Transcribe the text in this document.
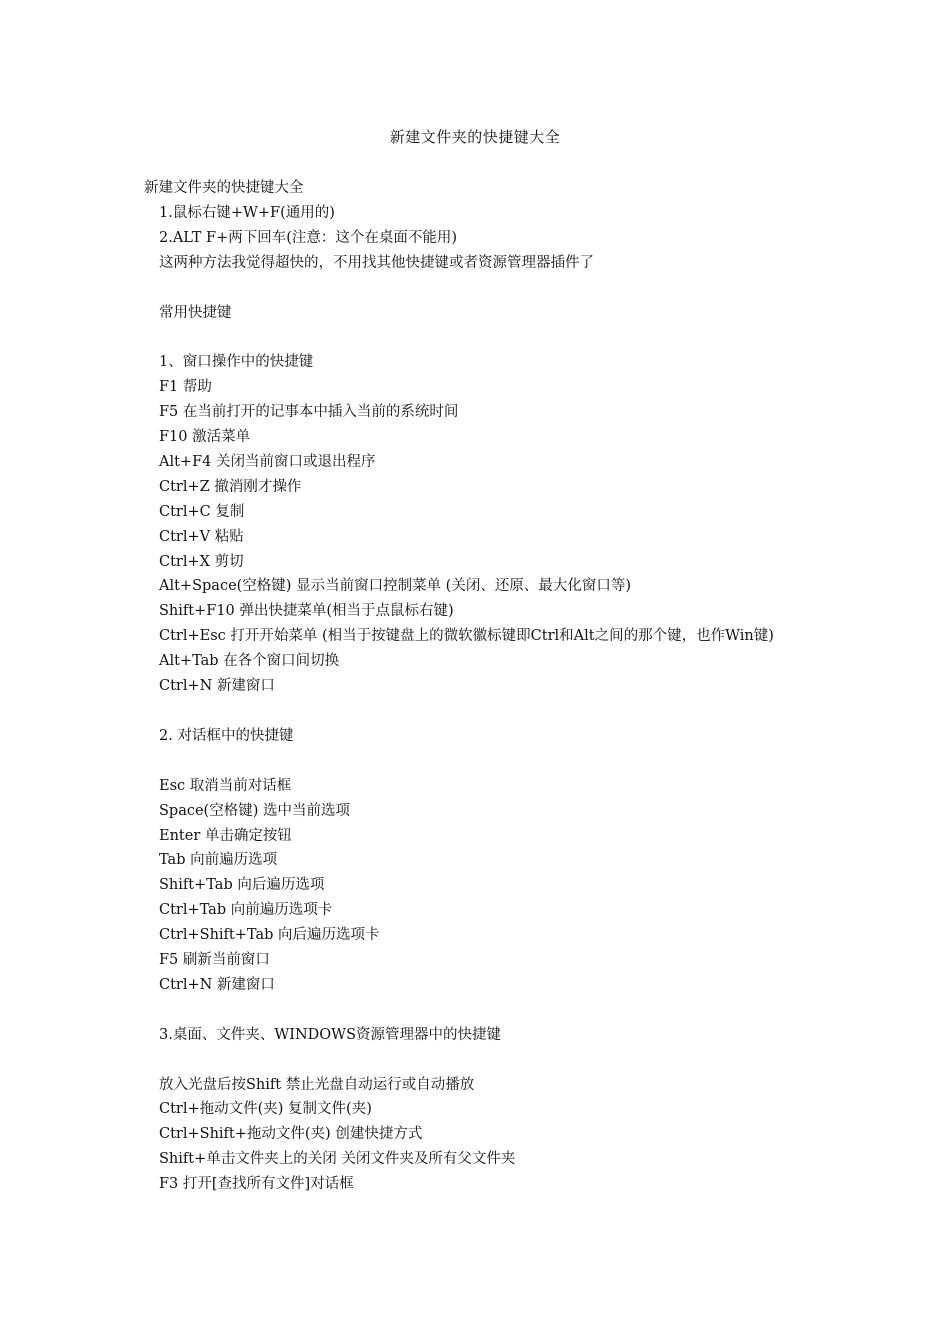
新建文件夹的快捷键大全

新建文件夹的快捷键大全

1.鼠标右键+W+F(通用的)

2.ALT F+两下回车(注意：这个在桌面不能用)

这两种方法我觉得超快的，不用找其他快捷键或者资源管理器插件了

常用快捷键

1、窗口操作中的快捷键

F1 帮助

F5 在当前打开的记事本中插入当前的系统时间

F10 激活菜单

Alt+F4 关闭当前窗口或退出程序

Ctrl+Z 撤消刚才操作

Ctrl+C 复制

Ctrl+V 粘贴

Ctrl+X 剪切

Alt+Space(空格键) 显示当前窗口控制菜单 (关闭、还原、最大化窗口等)

Shift+F10 弹出快捷菜单(相当于点鼠标右键)

Ctrl+Esc 打开开始菜单 (相当于按键盘上的微软徽标键即Ctrl和Alt之间的那个键，也作Win键)

Alt+Tab 在各个窗口间切换

Ctrl+N 新建窗口

2. 对话框中的快捷键

Esc 取消当前对话框

Space(空格键) 选中当前选项

Enter 单击确定按钮

Tab 向前遍历选项

Shift+Tab 向后遍历选项

Ctrl+Tab 向前遍历选项卡

Ctrl+Shift+Tab 向后遍历选项卡

F5 刷新当前窗口

Ctrl+N 新建窗口

3.桌面、文件夹、WINDOWS资源管理器中的快捷键

放入光盘后按Shift 禁止光盘自动运行或自动播放

Ctrl+拖动文件(夹) 复制文件(夹)

Ctrl+Shift+拖动文件(夹) 创建快捷方式

Shift+单击文件夹上的关闭 关闭文件夹及所有父文件夹

F3 打开[查找所有文件]对话框
